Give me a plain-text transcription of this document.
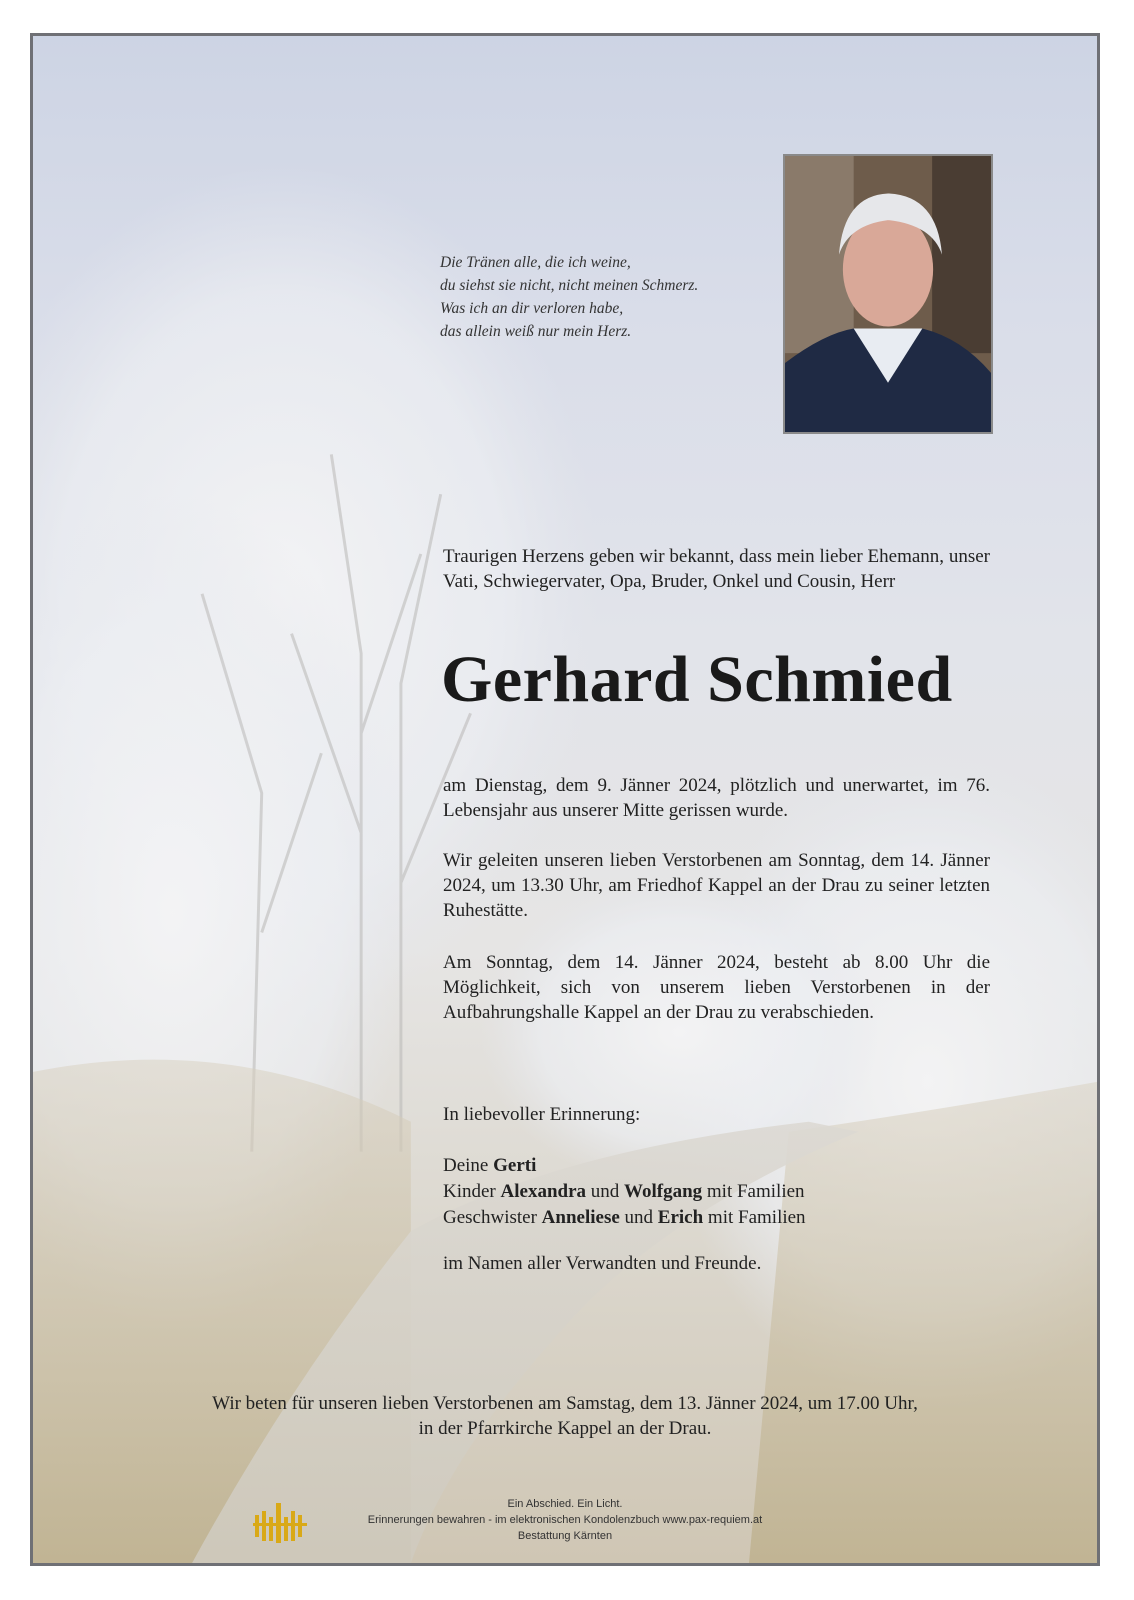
Die Tränen alle, die ich weine,
du siehst sie nicht, nicht meinen Schmerz.
Was ich an dir verloren habe,
das allein weiß nur mein Herz.
Traurigen Herzens geben wir bekannt, dass mein lieber Ehemann, unser Vati, Schwiegervater, Opa, Bruder, Onkel und Cousin, Herr
Gerhard Schmied
am Dienstag, dem 9. Jänner 2024, plötzlich und unerwartet, im 76. Lebensjahr aus unserer Mitte gerissen wurde.
Wir geleiten unseren lieben Verstorbenen am Sonntag, dem 14. Jänner 2024, um 13.30 Uhr, am Friedhof Kappel an der Drau zu seiner letzten Ruhestätte.
Am Sonntag, dem 14. Jänner 2024, besteht ab 8.00 Uhr die Möglichkeit, sich von unserem lieben Verstorbenen in der Aufbahrungshalle Kappel an der Drau zu verabschieden.
In liebevoller Erinnerung:
Deine Gerti
Kinder Alexandra und Wolfgang mit Familien
Geschwister Anneliese und Erich mit Familien
im Namen aller Verwandten und Freunde.
Wir beten für unseren lieben Verstorbenen am Samstag, dem 13. Jänner 2024, um 17.00 Uhr,
in der Pfarrkirche Kappel an der Drau.
Ein Abschied. Ein Licht.
Erinnerungen bewahren - im elektronischen Kondolenzbuch www.pax-requiem.at
Bestattung Kärnten
